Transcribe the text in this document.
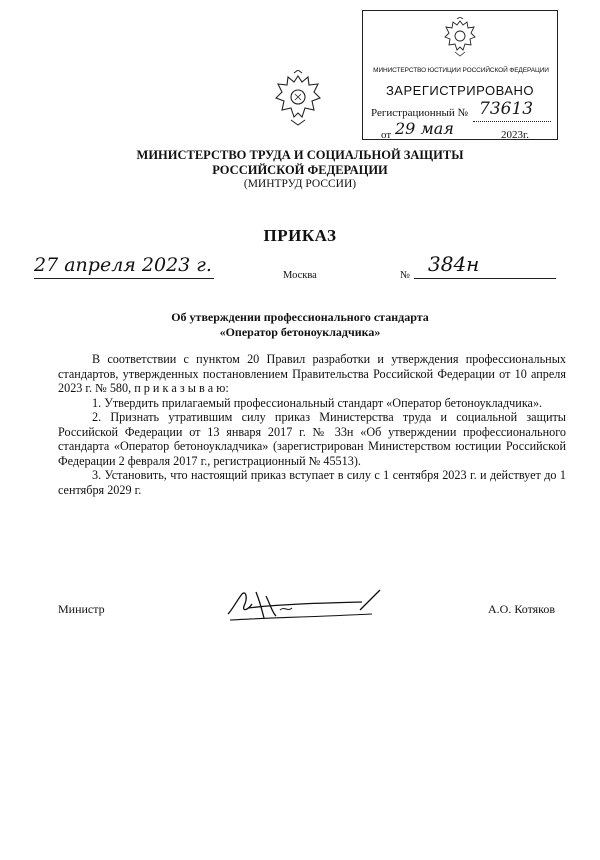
МИНИСТЕРСТВО ЮСТИЦИИ РОССИЙСКОЙ ФЕДЕРАЦИИ
ЗАРЕГИСТРИРОВАНО
Регистрационный № 73613
от 29 мая	2023г.
МИНИСТЕРСТВО ТРУДА И СОЦИАЛЬНОЙ ЗАЩИТЫ
РОССИЙСКОЙ ФЕДЕРАЦИИ
(МИНТРУД РОССИИ)
ПРИКАЗ
27 апреля 2023 г.	Москва	№ 384н
Об утверждении профессионального стандарта
«Оператор бетоноукладчика»

В соответствии с пунктом 20 Правил разработки и утверждения профессиональных стандартов, утвержденных постановлением Правительства Российской Федерации от 10 апреля 2023 г. № 580, п р и к а з ы в а ю:

1. Утвердить прилагаемый профессиональный стандарт «Оператор бетоноукладчика».

2. Признать утратившим силу приказ Министерства труда и социальной защиты Российской Федерации от 13 января 2017 г. № 33н «Об утверждении профессионального стандарта «Оператор бетоноукладчика» (зарегистрирован Министерством юстиции Российской Федерации 2 февраля 2017 г., регистрационный № 45513).

3. Установить, что настоящий приказ вступает в силу с 1 сентября 2023 г. и действует до 1 сентября 2029 г.

Министр	А.О. Котяков
